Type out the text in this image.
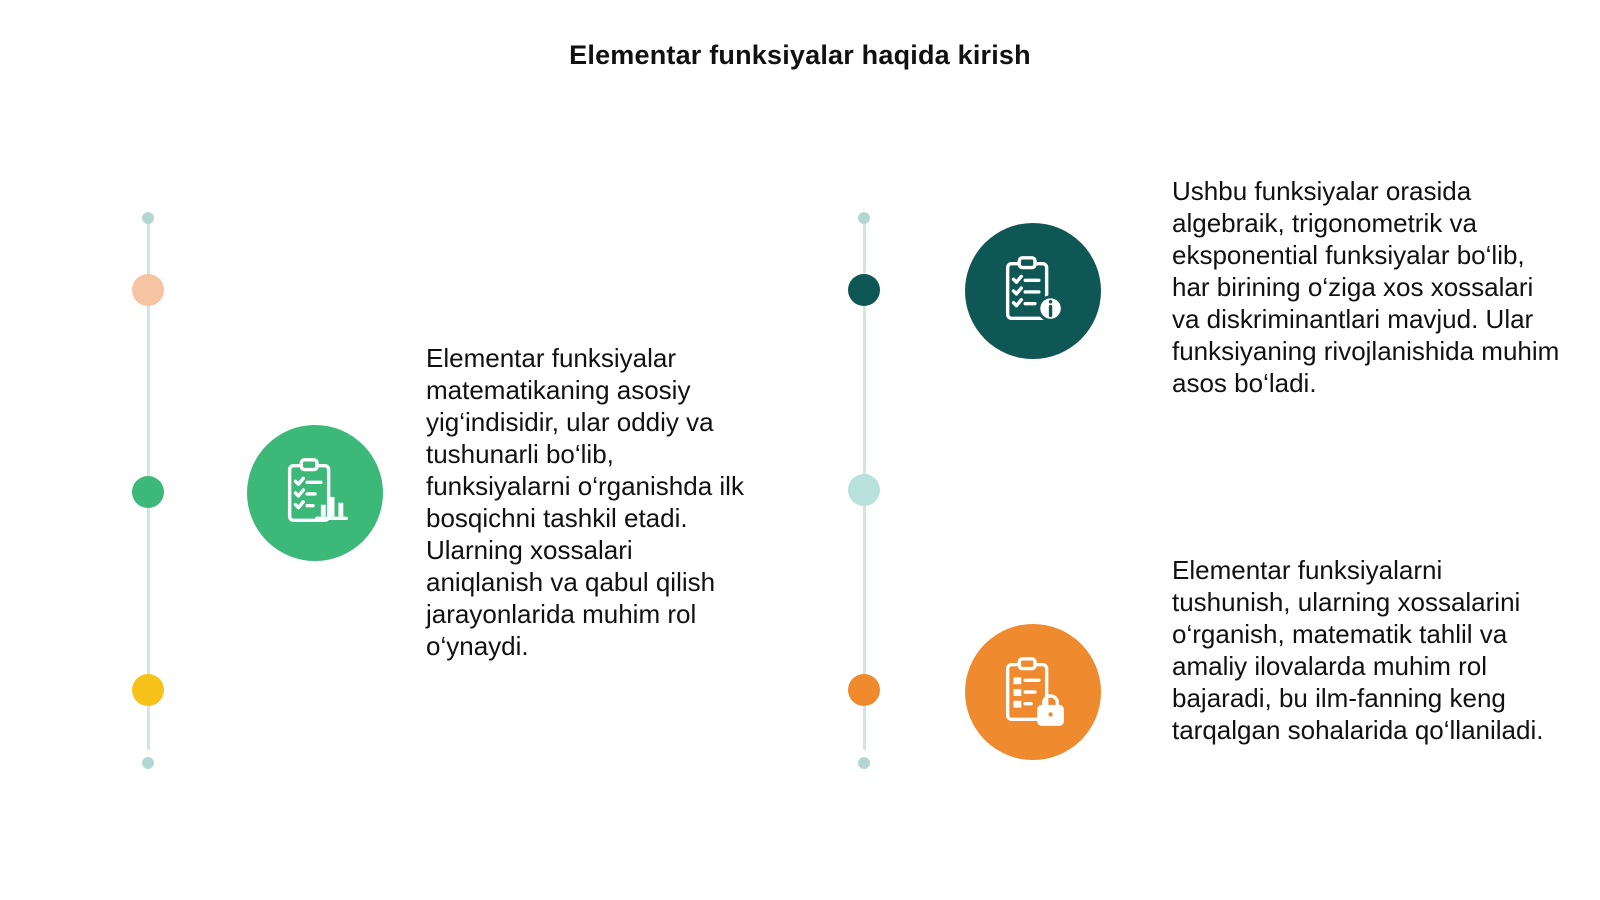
Elementar funksiyalar haqida kirish

Elementar funksiyalar matematikaning asosiy yig‘indisidir, ular oddiy va tushunarli bo‘lib, funksiyalarni o‘rganishda ilk bosqichni tashkil etadi. Ularning xossalari aniqlanish va qabul qilish jarayonlarida muhim rol o‘ynaydi.

Ushbu funksiyalar orasida algebraik, trigonometrik va eksponential funksiyalar bo‘lib, har birining o‘ziga xos xossalari va diskriminantlari mavjud. Ular funksiyaning rivojlanishida muhim asos bo‘ladi.

Elementar funksiyalarni tushunish, ularning xossalarini o‘rganish, matematik tahlil va amaliy ilovalarda muhim rol bajaradi, bu ilm-fanning keng tarqalgan sohalarida qo‘llaniladi.
